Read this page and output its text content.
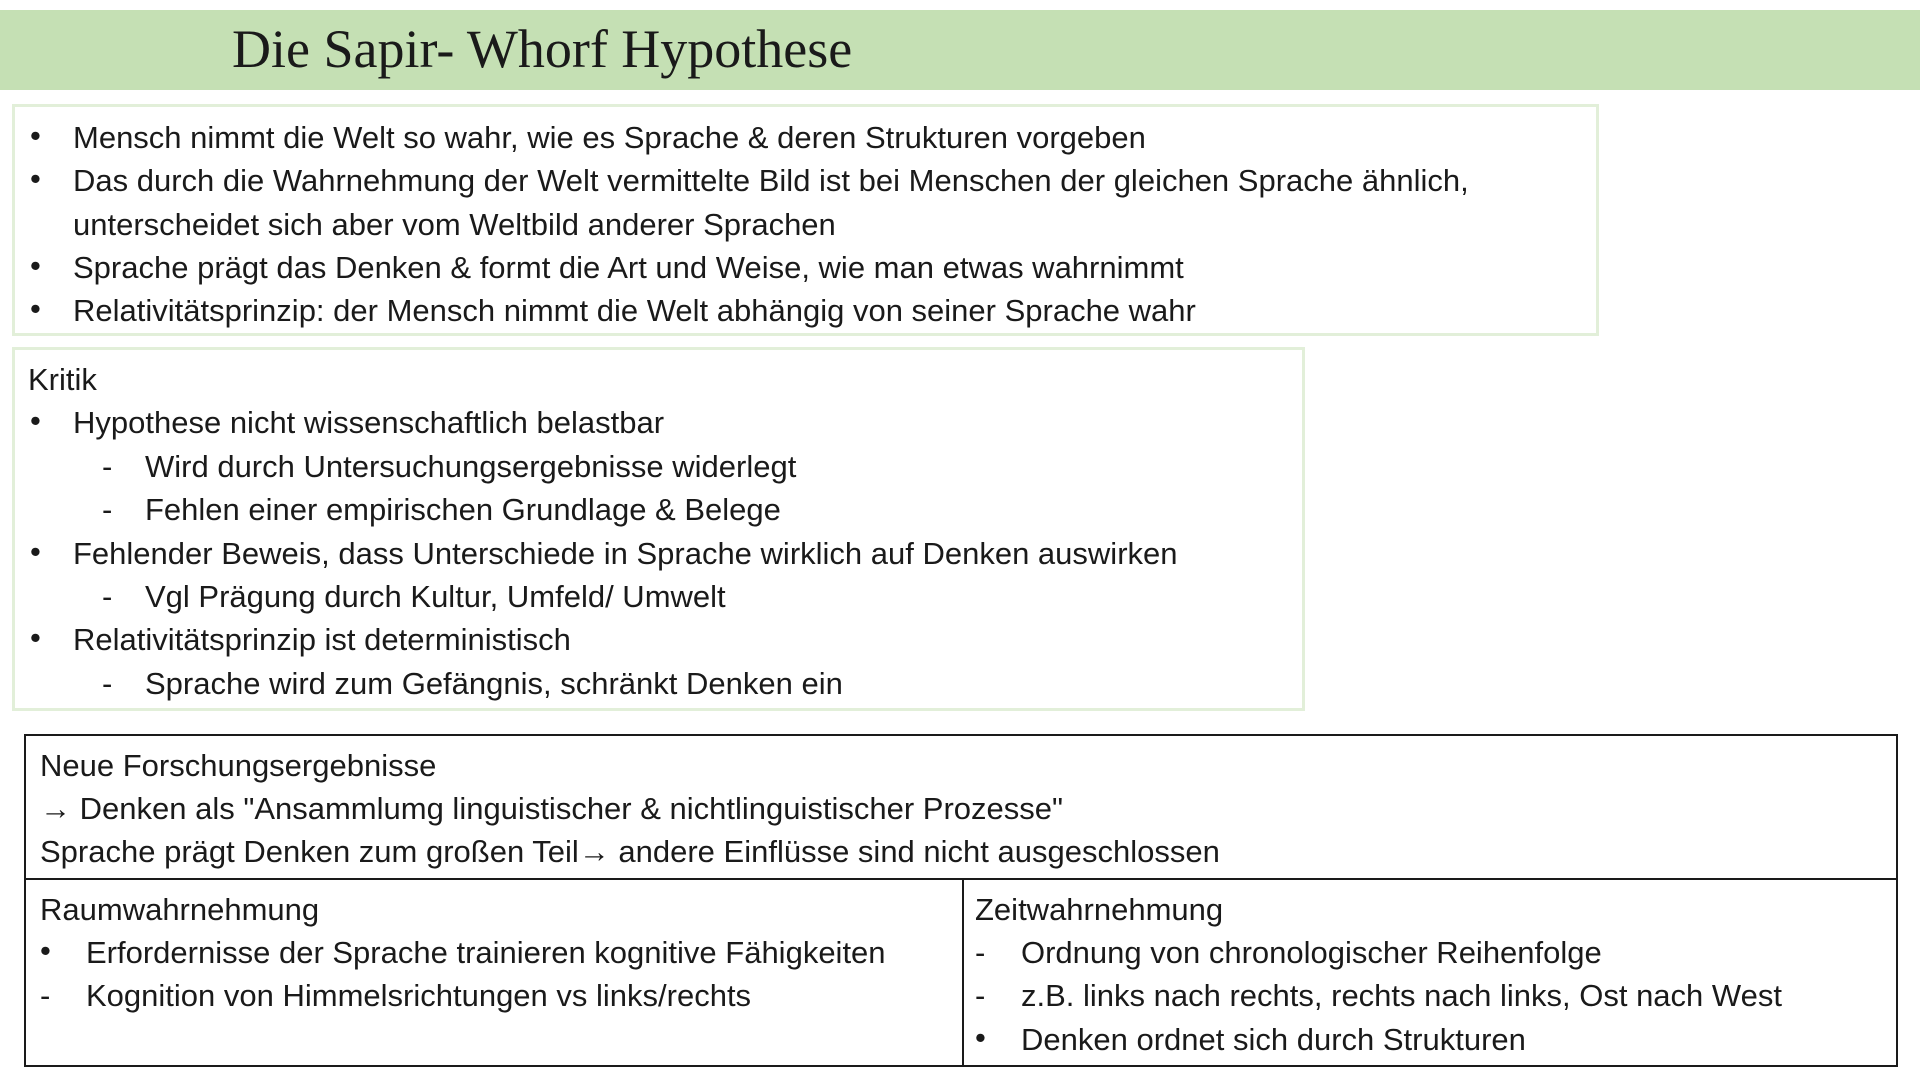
Die Sapir- Whorf Hypothese
• Mensch nimmt die Welt so wahr, wie es Sprache & deren Strukturen vorgeben
• Das durch die Wahrnehmung der Welt vermittelte Bild ist bei Menschen der gleichen Sprache ähnlich,
unterscheidet sich aber vom Weltbild anderer Sprachen
• Sprache prägt das Denken & formt die Art und Weise, wie man etwas wahrnimmt
• Relativitätsprinzip: der Mensch nimmt die Welt abhängig von seiner Sprache wahr
Kritik
• Hypothese nicht wissenschaftlich belastbar
- Wird durch Untersuchungsergebnisse widerlegt
- Fehlen einer empirischen Grundlage & Belege
• Fehlender Beweis, dass Unterschiede in Sprache wirklich auf Denken auswirken
- Vgl Prägung durch Kultur, Umfeld/ Umwelt
• Relativitätsprinzip ist deterministisch
- Sprache wird zum Gefängnis, schränkt Denken ein
Neue Forschungsergebnisse
→ Denken als "Ansammlumg linguistischer & nichtlinguistischer Prozesse"
Sprache prägt Denken zum großen Teil→ andere Einflüsse sind nicht ausgeschlossen
Raumwahrnehmung
• Erfordernisse der Sprache trainieren kognitive Fähigkeiten
- Kognition von Himmelsrichtungen vs links/rechts
Zeitwahrnehmung
- Ordnung von chronologischer Reihenfolge
- z.B. links nach rechts, rechts nach links, Ost nach West
• Denken ordnet sich durch Strukturen
